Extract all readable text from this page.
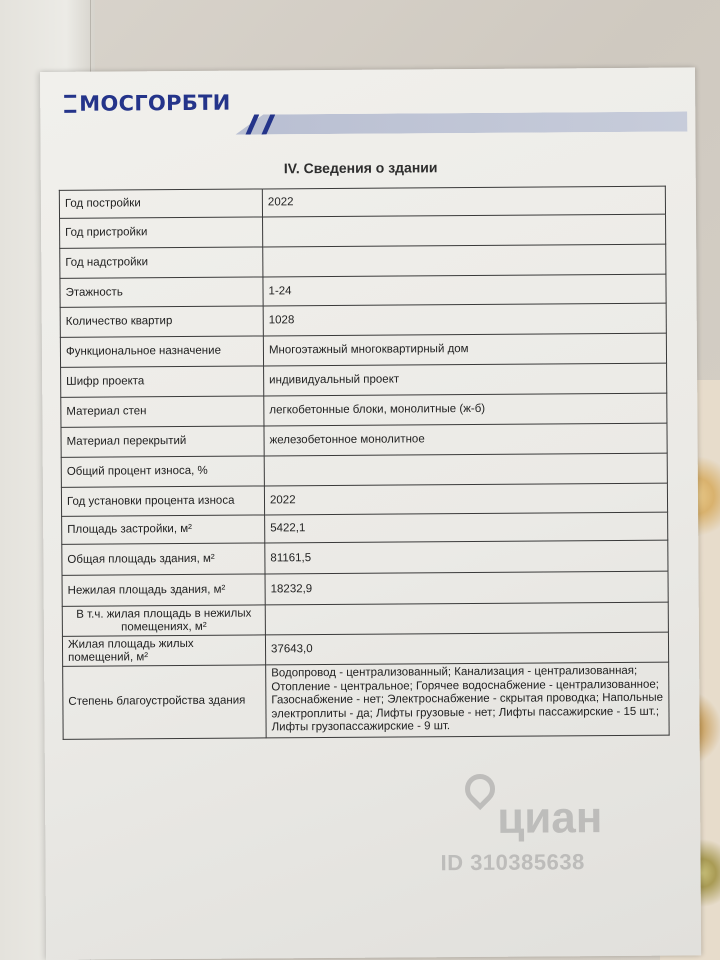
МОСГОРБТИ
IV. Сведения о здании
Год постройки	2022
Год пристройки	
Год надстройки	
Этажность	1-24
Количество квартир	1028
Функциональное назначение	Многоэтажный многоквартирный дом
Шифр проекта	индивидуальный проект
Материал стен	легкобетонные блоки, монолитные (ж-б)
Материал перекрытий	железобетонное монолитное
Общий процент износа, %	
Год установки процента износа	2022
Площадь застройки, м²	5422,1
Общая площадь здания, м²	81161,5
Нежилая площадь здания, м²	18232,9
В т.ч. жилая площадь в нежилых помещениях, м²	
Жилая площадь жилых помещений, м²	37643,0
Степень благоустройства здания	Водопровод - централизованный; Канализация - централизованная; Отопление - центральное; Горячее водоснабжение - централизованное; Газоснабжение - нет; Электроснабжение - скрытая проводка; Напольные электроплиты - да; Лифты грузовые - нет; Лифты пассажирские - 15 шт.; Лифты грузопассажирские - 9 шт.
циан
ID 310385638
